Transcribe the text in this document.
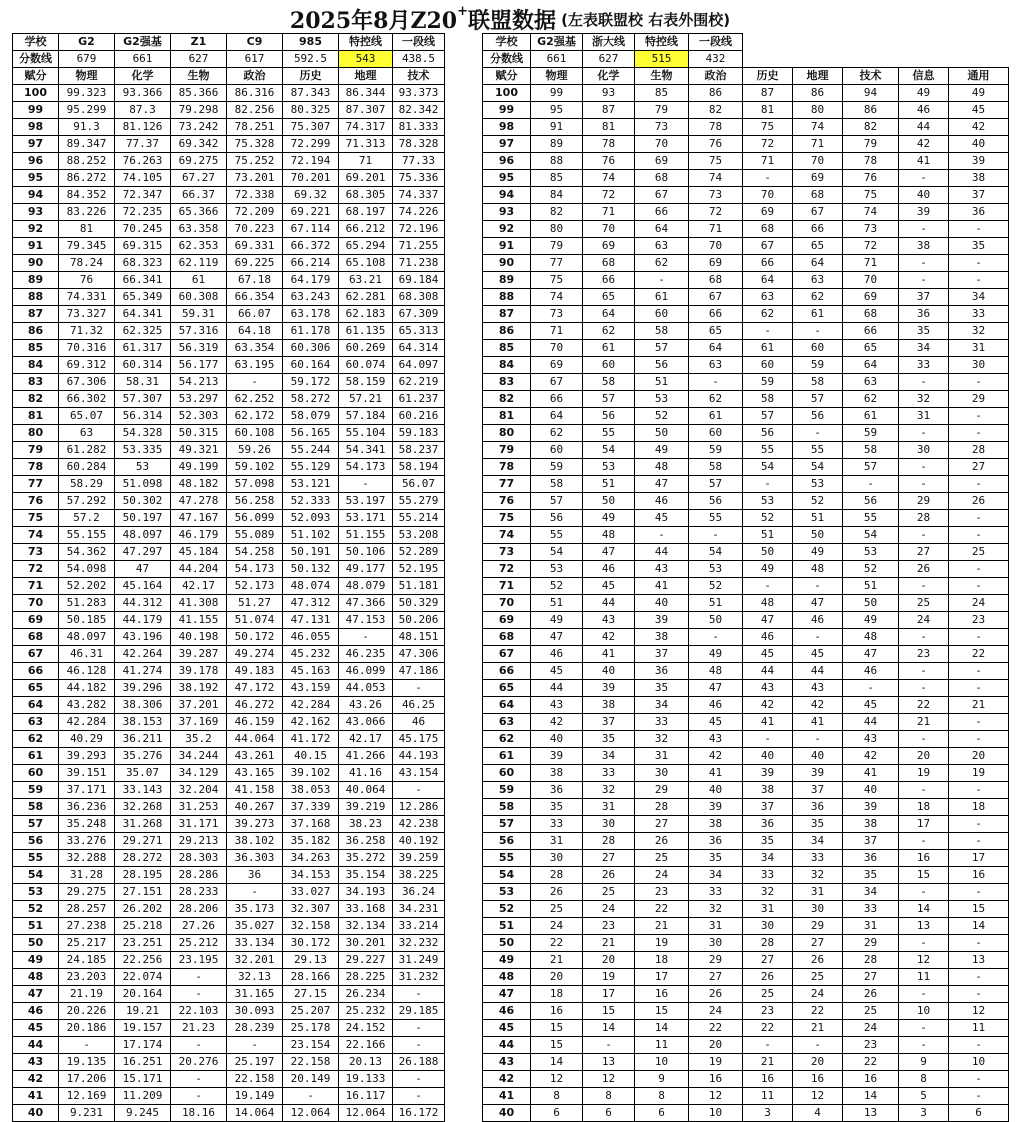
2025年8月Z20+联盟数据 (左表联盟校 右表外围校)
学校	G2	G2强基	Z1	C9	985	特控线	一段线
分数线	679	661	627	617	592.5	543	438.5
赋分	物理	化学	生物	政治	历史	地理	技术
100	99.323	93.366	85.366	86.316	87.343	86.344	93.373
99	95.299	87.3	79.298	82.256	80.325	87.307	82.342
98	91.3	81.126	73.242	78.251	75.307	74.317	81.333
97	89.347	77.37	69.342	75.328	72.299	71.313	78.328
96	88.252	76.263	69.275	75.252	72.194	71	77.33
95	86.272	74.105	67.27	73.201	70.201	69.201	75.336
94	84.352	72.347	66.37	72.338	69.32	68.305	74.337
93	83.226	72.235	65.366	72.209	69.221	68.197	74.226
92	81	70.245	63.358	70.223	67.114	66.212	72.196
91	79.345	69.315	62.353	69.331	66.372	65.294	71.255
90	78.24	68.323	62.119	69.225	66.214	65.108	71.238
89	76	66.341	61	67.18	64.179	63.21	69.184
88	74.331	65.349	60.308	66.354	63.243	62.281	68.308
87	73.327	64.341	59.31	66.07	63.178	62.183	67.309
86	71.32	62.325	57.316	64.18	61.178	61.135	65.313
85	70.316	61.317	56.319	63.354	60.306	60.269	64.314
84	69.312	60.314	56.177	63.195	60.164	60.074	64.097
83	67.306	58.31	54.213	-	59.172	58.159	62.219
82	66.302	57.307	53.297	62.252	58.272	57.21	61.237
81	65.07	56.314	52.303	62.172	58.079	57.184	60.216
80	63	54.328	50.315	60.108	56.165	55.104	59.183
79	61.282	53.335	49.321	59.26	55.244	54.341	58.237
78	60.284	53	49.199	59.102	55.129	54.173	58.194
77	58.29	51.098	48.182	57.098	53.121	-	56.07
76	57.292	50.302	47.278	56.258	52.333	53.197	55.279
75	57.2	50.197	47.167	56.099	52.093	53.171	55.214
74	55.155	48.097	46.179	55.089	51.102	51.155	53.208
73	54.362	47.297	45.184	54.258	50.191	50.106	52.289
72	54.098	47	44.204	54.173	50.132	49.177	52.195
71	52.202	45.164	42.17	52.173	48.074	48.079	51.181
70	51.283	44.312	41.308	51.27	47.312	47.366	50.329
69	50.185	44.179	41.155	51.074	47.131	47.153	50.206
68	48.097	43.196	40.198	50.172	46.055	-	48.151
67	46.31	42.264	39.287	49.274	45.232	46.235	47.306
66	46.128	41.274	39.178	49.183	45.163	46.099	47.186
65	44.182	39.296	38.192	47.172	43.159	44.053	-
64	43.282	38.306	37.201	46.272	42.284	43.26	46.25
63	42.284	38.153	37.169	46.159	42.162	43.066	46
62	40.29	36.211	35.2	44.064	41.172	42.17	45.175
61	39.293	35.276	34.244	43.261	40.15	41.266	44.193
60	39.151	35.07	34.129	43.165	39.102	41.16	43.154
59	37.171	33.143	32.204	41.158	38.053	40.064	-
58	36.236	32.268	31.253	40.267	37.339	39.219	12.286
57	35.248	31.268	31.171	39.273	37.168	38.23	42.238
56	33.276	29.271	29.213	38.102	35.182	36.258	40.192
55	32.288	28.272	28.303	36.303	34.263	35.272	39.259
54	31.28	28.195	28.286	36	34.153	35.154	38.225
53	29.275	27.151	28.233	-	33.027	34.193	36.24
52	28.257	26.202	28.206	35.173	32.307	33.168	34.231
51	27.238	25.218	27.26	35.027	32.158	32.134	33.214
50	25.217	23.251	25.212	33.134	30.172	30.201	32.232
49	24.185	22.256	23.195	32.201	29.13	29.227	31.249
48	23.203	22.074	-	32.13	28.166	28.225	31.232
47	21.19	20.164	-	31.165	27.15	26.234	-
46	20.226	19.21	22.103	30.093	25.207	25.232	29.185
45	20.186	19.157	21.23	28.239	25.178	24.152	-
44	-	17.174	-	-	23.154	22.166	-
43	19.135	16.251	20.276	25.197	22.158	20.13	26.188
42	17.206	15.171	-	22.158	20.149	19.133	-
41	12.169	11.209	-	19.149	-	16.117	-
40	9.231	9.245	18.16	14.064	12.064	12.064	16.172
学校	G2强基	浙大线	特控线	一段线					
分数线	661	627	515	432					
赋分	物理	化学	生物	政治	历史	地理	技术	信息	通用
100	99	93	85	86	87	86	94	49	49
99	95	87	79	82	81	80	86	46	45
98	91	81	73	78	75	74	82	44	42
97	89	78	70	76	72	71	79	42	40
96	88	76	69	75	71	70	78	41	39
95	85	74	68	74	-	69	76	-	38
94	84	72	67	73	70	68	75	40	37
93	82	71	66	72	69	67	74	39	36
92	80	70	64	71	68	66	73	-	-
91	79	69	63	70	67	65	72	38	35
90	77	68	62	69	66	64	71	-	-
89	75	66	-	68	64	63	70	-	-
88	74	65	61	67	63	62	69	37	34
87	73	64	60	66	62	61	68	36	33
86	71	62	58	65	-	-	66	35	32
85	70	61	57	64	61	60	65	34	31
84	69	60	56	63	60	59	64	33	30
83	67	58	51	-	59	58	63	-	-
82	66	57	53	62	58	57	62	32	29
81	64	56	52	61	57	56	61	31	-
80	62	55	50	60	56	-	59	-	-
79	60	54	49	59	55	55	58	30	28
78	59	53	48	58	54	54	57	-	27
77	58	51	47	57	-	53	-	-	-
76	57	50	46	56	53	52	56	29	26
75	56	49	45	55	52	51	55	28	-
74	55	48	-	-	51	50	54	-	-
73	54	47	44	54	50	49	53	27	25
72	53	46	43	53	49	48	52	26	-
71	52	45	41	52	-	-	51	-	-
70	51	44	40	51	48	47	50	25	24
69	49	43	39	50	47	46	49	24	23
68	47	42	38	-	46	-	48	-	-
67	46	41	37	49	45	45	47	23	22
66	45	40	36	48	44	44	46	-	-
65	44	39	35	47	43	43	-	-	-
64	43	38	34	46	42	42	45	22	21
63	42	37	33	45	41	41	44	21	-
62	40	35	32	43	-	-	43	-	-
61	39	34	31	42	40	40	42	20	20
60	38	33	30	41	39	39	41	19	19
59	36	32	29	40	38	37	40	-	-
58	35	31	28	39	37	36	39	18	18
57	33	30	27	38	36	35	38	17	-
56	31	28	26	36	35	34	37	-	-
55	30	27	25	35	34	33	36	16	17
54	28	26	24	34	33	32	35	15	16
53	26	25	23	33	32	31	34	-	-
52	25	24	22	32	31	30	33	14	15
51	24	23	21	31	30	29	31	13	14
50	22	21	19	30	28	27	29	-	-
49	21	20	18	29	27	26	28	12	13
48	20	19	17	27	26	25	27	11	-
47	18	17	16	26	25	24	26	-	-
46	16	15	15	24	23	22	25	10	12
45	15	14	14	22	22	21	24	-	11
44	15	-	11	20	-	-	23	-	-
43	14	13	10	19	21	20	22	9	10
42	12	12	9	16	16	16	16	8	-
41	8	8	8	12	11	12	14	5	-
40	6	6	6	10	3	4	13	3	6
